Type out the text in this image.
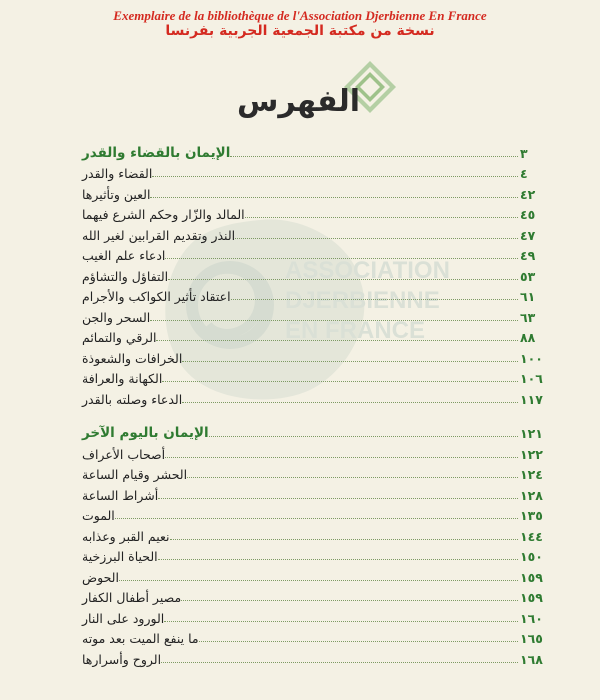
Exemplaire de la bibliothèque de l'Association Djerbienne En France
نسخة من مكتبة الجمعية الجربية بفرنسا
ASSOCIATION
DJERBIENNE
EN FRANCE
الفهرس
الإيمان بالقضاء والقدر	٣
القضاء والقدر	٤
العين وتأثيرها	٤٢
المالد والزّار وحكم الشرع فيهما	٤٥
النذر وتقديم القرابين لغير الله	٤٧
ادعاء علم الغيب	٤٩
التفاؤل والتشاؤم	٥٣
اعتقاد تأثير الكواكب والأجرام	٦١
السحر والجن	٦٣
الرقي والتمائم	٨٨
الخرافات والشعوذة	١٠٠
الكهانة والعرافة	١٠٦
الدعاء وصلته بالقدر	١١٧
الإيمان باليوم الآخر	١٢١
أصحاب الأعراف	١٢٢
الحشر وقيام الساعة	١٢٤
أشراط الساعة	١٢٨
الموت	١٣٥
نعيم القبر وعذابه	١٤٤
الحياة البرزخية	١٥٠
الحوض	١٥٩
مصير أطفال الكفار	١٥٩
الورود على النار	١٦٠
ما ينفع الميت بعد موته	١٦٥
الروح وأسرارها	١٦٨
